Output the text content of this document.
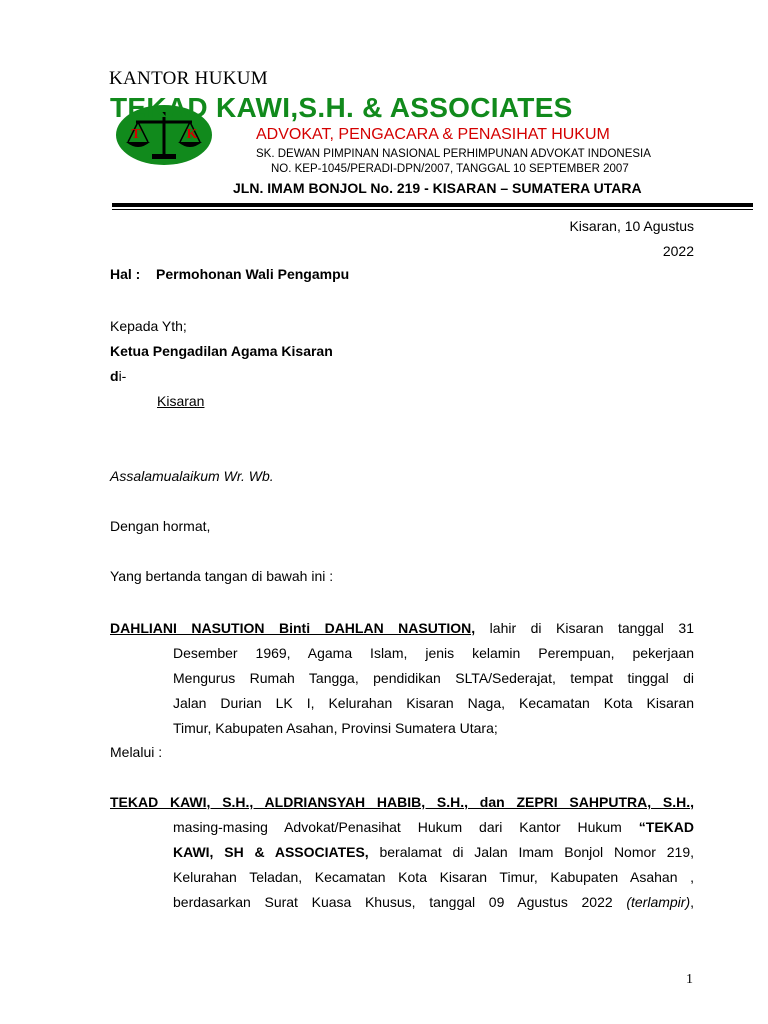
KANTOR HUKUM
T	K
TEKAD KAWI,S.H. & ASSOCIATES
ADVOKAT, PENGACARA & PENASIHAT HUKUM
SK. DEWAN PIMPINAN NASIONAL PERHIMPUNAN ADVOKAT INDONESIA
NO. KEP-1045/PERADI-DPN/2007, TANGGAL 10 SEPTEMBER 2007
JLN. IMAM BONJOL No. 219 - KISARAN – SUMATERA UTARA
Kisaran, 10 Agustus
2022
Hal : Permohonan Wali Pengampu
Kepada Yth;
Ketua Pengadilan Agama Kisaran
di-
Kisaran
Assalamualaikum Wr. Wb.
Dengan hormat,
Yang bertanda tangan di bawah ini :
DAHLIANI NASUTION Binti DAHLAN NASUTION, lahir di Kisaran tanggal 31
Desember 1969, Agama Islam, jenis kelamin Perempuan, pekerjaan
Mengurus Rumah Tangga, pendidikan SLTA/Sederajat, tempat tinggal di
Jalan Durian LK I, Kelurahan Kisaran Naga, Kecamatan Kota Kisaran
Timur, Kabupaten Asahan, Provinsi Sumatera Utara;
Melalui :
TEKAD KAWI, S.H., ALDRIANSYAH HABIB, S.H., dan ZEPRI SAHPUTRA, S.H.,
masing-masing Advokat/Penasihat Hukum dari Kantor Hukum “TEKAD
KAWI, SH & ASSOCIATES, beralamat di Jalan Imam Bonjol Nomor 219,
Kelurahan Teladan, Kecamatan Kota Kisaran Timur, Kabupaten Asahan ,
berdasarkan Surat Kuasa Khusus, tanggal 09 Agustus 2022 (terlampir),
1
